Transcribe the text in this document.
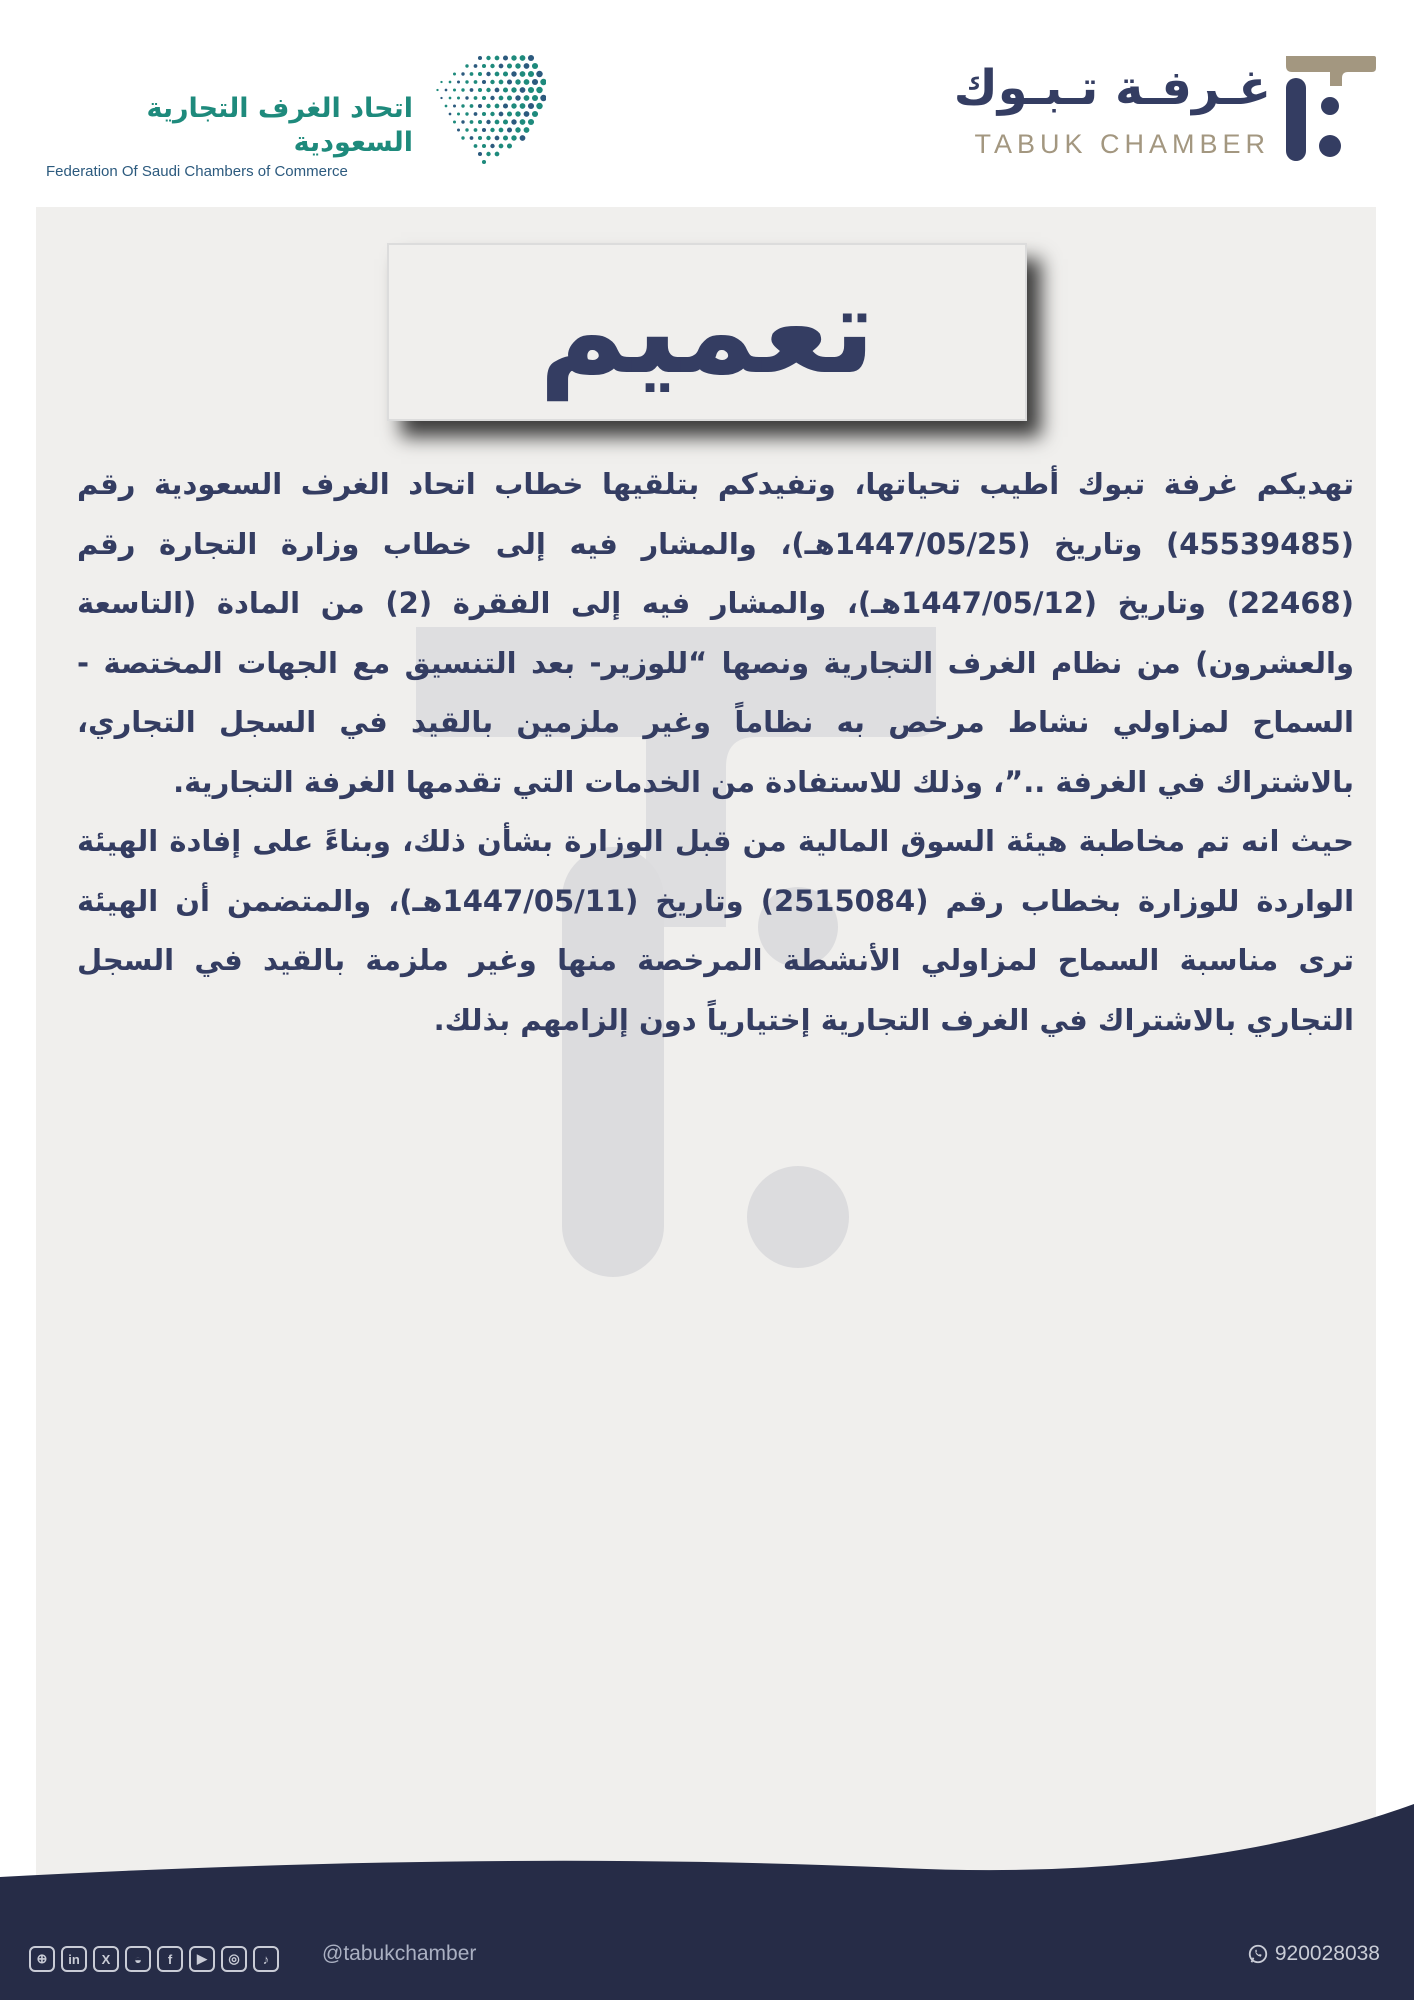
اتحاد الغرف التجارية السعودية
Federation Of Saudi Chambers of Commerce
غـرفـة تـبـوك
TABUK CHAMBER
تعميم

تهديكم غرفة تبوك أطيب تحياتها، وتفيدكم بتلقيها خطاب اتحاد الغرف السعودية رقم (45539485) وتاريخ (1447/05/25هـ)، والمشار فيه إلى خطاب وزارة التجارة رقم (22468) وتاريخ (1447/05/12هـ)، والمشار فيه إلى الفقرة (2) من المادة (التاسعة والعشرون) من نظام الغرف التجارية ونصها “للوزير- بعد التنسيق مع الجهات المختصة - السماح لمزاولي نشاط مرخص به نظاماً وغير ملزمين بالقيد في السجل التجاري، بالاشتراك في الغرفة ..”، وذلك للاستفادة من الخدمات التي تقدمها الغرفة التجارية.

حيث انه تم مخاطبة هيئة السوق المالية من قبل الوزارة بشأن ذلك، وبناءً على إفادة الهيئة الواردة للوزارة بخطاب رقم (2515084) وتاريخ (1447/05/11هـ)، والمتضمن أن الهيئة ترى مناسبة السماح لمزاولي الأنشطة المرخصة منها وغير ملزمة بالقيد في السجل التجاري بالاشتراك في الغرف التجارية إختيارياً دون إلزامهم بذلك.

⊕	in	X	◒	f	▶	◎	♪	@tabukchamber	920028038
